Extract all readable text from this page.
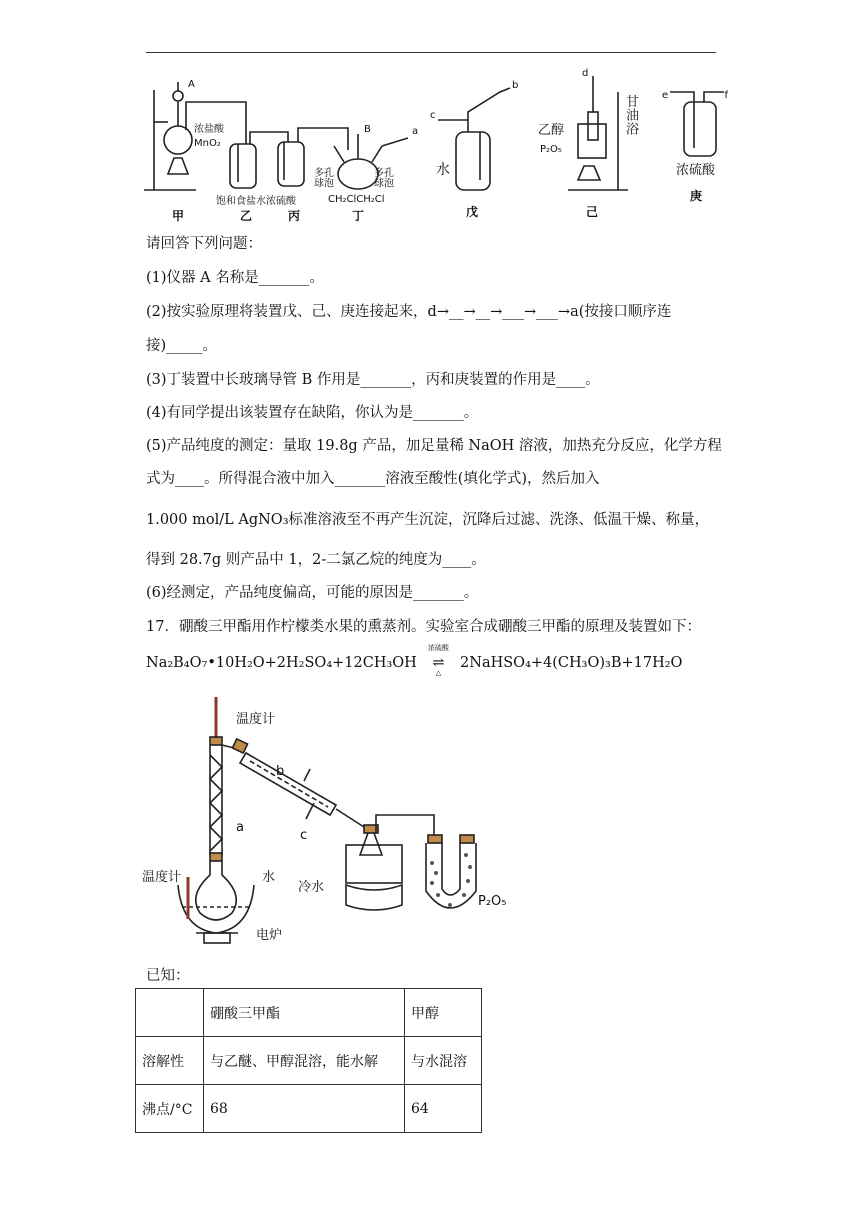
A
浓盐酸
MnO₂
饱和食盐水 浓硫酸
B	a
多孔球泡
多孔球泡
CH₂ClCH₂Cl
b
c
水
d
乙醇
P₂O₅
甘油浴
e	f
浓硫酸
甲	乙	丙	丁	戊	己
庚
请回答下列问题：
(1)仪器 A 名称是_______。
(2)按实验原理将装置戊、己、庚连接起来，d→__→__→___→___→a(按接口顺序连
接)_____。
(3)丁装置中长玻璃导管 B 作用是_______，丙和庚装置的作用是____。
(4)有同学提出该装置存在缺陷，你认为是_______。
(5)产品纯度的测定：量取 19.8g 产品，加足量稀 NaOH 溶液，加热充分反应，化学方程
式为____。所得混合液中加入_______溶液至酸性(填化学式)，然后加入
1.000 mol/L AgNO₃标准溶液至不再产生沉淀，沉降后过滤、洗涤、低温干燥、称量，
得到 28.7g 则产品中 1，2-二氯乙烷的纯度为____。
(6)经测定，产品纯度偏高，可能的原因是_______。
17．硼酸三甲酯用作柠檬类水果的熏蒸剂。实验室合成硼酸三甲酯的原理及装置如下：
Na₂B₄O₇•10H₂O+2H₂SO₄+12CH₃OH
浓硫酸
⇌
△
2NaHSO₄+4(CH₃O)₃B+17H₂O
温度计
b
a
c
温度计	水
冷水
P₂O₅
电炉
已知：
	硼酸三甲酯	甲醇
溶解性	与乙醚、甲醇混溶，能水解	与水混溶
沸点/°C	68	64
